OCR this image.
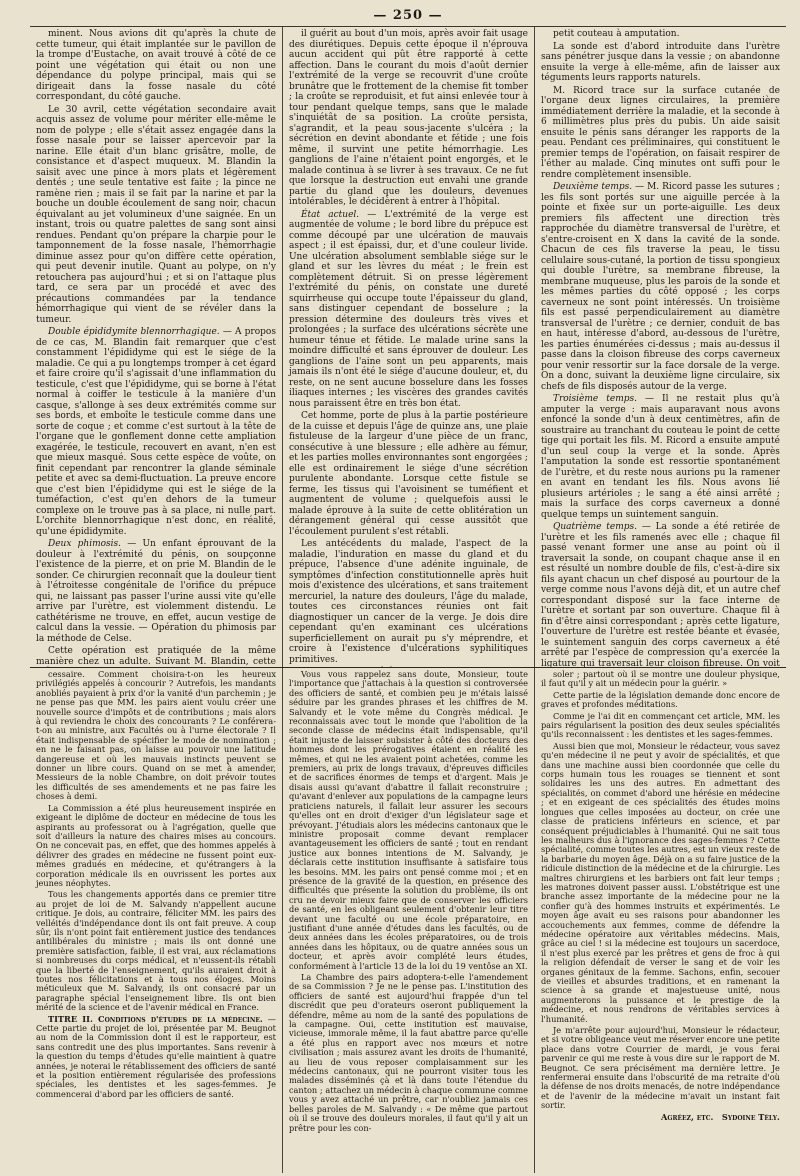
— 250 —

minent. Nous avions dit qu'après la chute de cette tumeur, qui était implantée sur le pavillon de la trompe d'Eustache, on avait trouvé à côté de ce point une végétation qui était ou non une dépendance du polype principal, mais qui se dirigeait dans la fosse nasale du côté correspondant, du côté gauche.

Le 30 avril, cette végétation secondaire avait acquis assez de volume pour mériter elle-même le nom de polype ; elle s'était assez engagée dans la fosse nasale pour se laisser apercevoir par la narine. Elle était d'un blanc grisâtre, molle, de consistance et d'aspect muqueux. M. Blandin la saisit avec une pince à mors plats et légèrement dentés ; une seule tentative est faite ; la pince ne ramène rien ; mais il se fait par la narine et par la bouche un double écoulement de sang noir, chacun équivalant au jet volumineux d'une saignée. En un instant, trois ou quatre palettes de sang sont ainsi rendues. Pendant qu'on prépare la charpie pour le tamponnement de la fosse nasale, l'hémorrhagie diminue assez pour qu'on diffère cette opération, qui peut devenir inutile. Quant au polype, on n'y retouchera pas aujourd'hui ; et si on l'attaque plus tard, ce sera par un procédé et avec des précautions commandées par la tendance hémorrhagique qui vient de se révéler dans la tumeur.

Double épididymite blennorrhagique. — A propos de ce cas, M. Blandin fait remarquer que c'est constamment l'épididyme qui est le siége de la maladie. Ce qui a pu longtemps tromper à cet égard et faire croire qu'il s'agissait d'une inflammation du testicule, c'est que l'épididyme, qui se borne à l'état normal à coiffer le testicule à la manière d'un casque, s'allonge à ses deux extrémités comme sur ses bords, et emboîte le testicule comme dans une sorte de coque ; et comme c'est surtout à la tête de l'organe que le gonflement donne cette ampliation exagérée, le testicule, recouvert en avant, n'en est que mieux masqué. Sous cette espèce de voûte, on finit cependant par rencontrer la glande séminale petite et avec sa demi-fluctuation. La preuve encore que c'est bien l'épididyme qui est le siége de la tuméfaction, c'est qu'en dehors de la tumeur complexe on le trouve pas à sa place, ni nulle part. L'orchite blennorrhagique n'est donc, en réalité, qu'une épididymite.

Deux phimosis. — Un enfant éprouvant de la douleur à l'extrémité du pénis, on soupçonne l'existence de la pierre, et on prie M. Blandin de le sonder. Ce chirurgien reconnaît que la douleur tient à l'étroitesse congénitale de l'orifice du prépuce qui, ne laissant pas passer l'urine aussi vite qu'elle arrive par l'urètre, est violemment distendu. Le cathétérisme ne trouve, en effet, aucun vestige de calcul dans la vessie. — Opération du phimosis par la méthode de Celse.

Cette opération est pratiquée de la même manière chez un adulte. Suivant M. Blandin, cette

il guérit au bout d'un mois, après avoir fait usage des diurétiques. Depuis cette époque il n'éprouva aucun accident qui pût être rapporté à cette affection. Dans le courant du mois d'août dernier l'extrémité de la verge se recouvrit d'une croûte brunâtre que le frottement de la chemise fit tomber ; la croûte se reproduisit, et fut ainsi enlevée tour à tour pendant quelque temps, sans que le malade s'inquiétât de sa position. La croûte persista, s'agrandit, et la peau sous-jacente s'ulcéra ; la sécrétion en devint abondante et fétide ; une fois même, il survint une petite hémorrhagie. Les ganglions de l'aine n'étaient point engorgés, et le malade continua à se livrer à ses travaux. Ce ne fut que lorsque la destruction eut envahi une grande partie du gland que les douleurs, devenues intolérables, le décidèrent à entrer à l'hôpital.

État actuel. — L'extrémité de la verge est augmentée de volume ; le bord libre du prépuce est comme découpé par une ulcération de mauvais aspect ; il est épaissi, dur, et d'une couleur livide. Une ulcération absolument semblable siége sur le gland et sur les lèvres du méat ; le frein est complètement détruit. Si on presse légèrement l'extrémité du pénis, on constate une dureté squirrheuse qui occupe toute l'épaisseur du gland, sans distinguer cependant de bosselure ; la pression détermine des douleurs très vives et prolongées ; la surface des ulcérations sécrète une humeur ténue et fétide. Le malade urine sans la moindre difficulté et sans éprouver de douleur. Les ganglions de l'aine sont un peu apparents, mais jamais ils n'ont été le siége d'aucune douleur, et, du reste, on ne sent aucune bosselure dans les fosses iliaques internes ; les viscères des grandes cavités nous paraissent être en très bon état.

Cet homme, porte de plus à la partie postérieure de la cuisse et depuis l'âge de quinze ans, une plaie fistuleuse de la largeur d'une pièce de un franc, consécutive à une blessure ; elle adhère au fémur, et les parties molles environnantes sont engorgées ; elle est ordinairement le siége d'une sécrétion purulente abondante. Lorsque cette fistule se ferme, les tissus qui l'avoisinent se tuméfient et augmentent de volume ; quelquefois aussi le malade éprouve à la suite de cette oblitération un dérangement général qui cesse aussitôt que l'écoulement purulent s'est rétabli.

Les antécédents du malade, l'aspect de la maladie, l'induration en masse du gland et du prépuce, l'absence d'une adénite inguinale, de symptômes d'infection constitutionnelle après huit mois d'existence des ulcérations, et sans traitement mercuriel, la nature des douleurs, l'âge du malade, toutes ces circonstances réunies ont fait diagnostiquer un cancer de la verge. Je dois dire cependant qu'en examinant ces ulcérations superficiellement on aurait pu s'y méprendre, et croire à l'existence d'ulcérations syphilitiques primitives.

petit couteau à amputation.

La sonde est d'abord introduite dans l'urètre sans pénétrer jusque dans la vessie ; on abandonne ensuite la verge à elle-même, afin de laisser aux téguments leurs rapports naturels.

M. Ricord trace sur la surface cutanée de l'organe deux lignes circulaires, la première immédiatement derrière la maladie, et la seconde à 6 millimètres plus près du pubis. Un aide saisit ensuite le pénis sans déranger les rapports de la peau. Pendant ces préliminaires, qui constituent le premier temps de l'opération, on faisait respirer de l'éther au malade. Cinq minutes ont suffi pour le rendre complètement insensible.

Deuxième temps. — M. Ricord passe les sutures ; les fils sont portés sur une aiguille percée à la pointe et fixée sur un porte-aiguille. Les deux premiers fils affectent une direction très rapprochée du diamètre transversal de l'urètre, et s'entre-croisent en X dans la cavité de la sonde. Chacun de ces fils traverse la peau, le tissu cellulaire sous-cutané, la portion de tissu spongieux qui double l'urètre, sa membrane fibreuse, la membrane muqueuse, plus les parois de la sonde et les mêmes parties du côté opposé ; les corps caverneux ne sont point intéressés. Un troisième fils est passé perpendiculairement au diamètre transversal de l'urètre ; ce dernier, conduit de bas en haut, intéresse d'abord, au-dessous de l'urètre, les parties énumérées ci-dessus ; mais au-dessus il passe dans la cloison fibreuse des corps caverneux pour venir ressortir sur la face dorsale de la verge. On a donc, suivant la deuxième ligne circulaire, six chefs de fils disposés autour de la verge.

Troisième temps. — Il ne restait plus qu'à amputer la verge : mais auparavant nous avons enfoncé la sonde d'un à deux centimètres, afin de soustraire au tranchant du couteau le point de cette tige qui portait les fils. M. Ricord a ensuite amputé d'un seul coup la verge et la sonde. Après l'amputation la sonde est ressortie spontanément de l'urètre, et du reste nous aurions pu la ramener en avant en tendant les fils. Nous avons lié plusieurs artérioles ; le sang a été ainsi arrêté ; mais la surface des corps caverneux a donné quelque temps un suintement sanguin.

Quatrième temps. — La sonde a été retirée de l'urètre et les fils ramenés avec elle ; chaque fil passé venant former une anse au point où il traversait la sonde, on coupant chaque anse il en est résulté un nombre double de fils, c'est-à-dire six fils ayant chacun un chef disposé au pourtour de la verge comme nous l'avons déjà dit, et un autre chef correspondant disposé sur la face interne de l'urètre et sortant par son ouverture. Chaque fil à fin d'être ainsi correspondant ; après cette ligature, l'ouverture de l'urètre est restée béante et évasée, le suintement sanguin des corps caverneux a été arrêté par l'espèce de compression qu'a exercée la ligature qui traversait leur cloison fibreuse. On voit

cessaire. Comment choisira-t-on les heureux privilégiés appelés à concourir ? Autrefois, les mandants anobliés payaient à prix d'or la vanité d'un parchemin ; je ne pense pas que MM. les pairs aient voulu créer une nouvelle source d'impôts et de contributions ; mais alors à qui reviendra le choix des concourants ? Le conférera-t-on au ministre, aux Facultés ou à l'urne électorale ? Il était indispensable de spécifier le mode de nomination ; en ne le faisant pas, on laisse au pouvoir une latitude dangereuse et où les mauvais instincts peuvent se donner un libre cours. Quand on se met à amender, Messieurs de la noble Chambre, on doit prévoir toutes les difficultés de ses amendements et ne pas faire les choses à demi.

La Commission a été plus heureusement inspirée en exigeant le diplôme de docteur en médecine de tous les aspirants au professorat ou à l'agrégation, quelle que soit d'ailleurs la nature des chaires mises au concours. On ne concevait pas, en effet, que des hommes appelés à délivrer des grades en médecine ne fussent point eux-mêmes gradués en médecine, et qu'étrangers à la corporation médicale ils en ouvrissent les portes aux jeunes néophytes.

Tous les changements apportés dans ce premier titre au projet de loi de M. Salvandy n'appellent aucune critique. Je dois, au contraire, féliciter MM. les pairs des velléités d'indépendance dont ils ont fait preuve. A coup sûr, ils n'ont point fait entièrement justice des tendances antilibérales du ministre ; mais ils ont donné une première satisfaction, faible, il est vrai, aux réclamations si nombreuses du corps médical, et n'eussent-ils rétabli que la liberté de l'enseignement, qu'ils auraient droit à toutes nos félicitations et à tous nos éloges. Moins méticuleux que M. Salvandy, ils ont consacré par un paragraphe spécial l'enseignement libre. Ils ont bien mérité de la science et de l'avenir médical en France.

TITRE II. Conditions d'études de la médecine. — Cette partie du projet de loi, présentée par M. Beugnot au nom de la Commission dont il est le rapporteur, est sans contredit une des plus importantes. Sans revenir à la question du temps d'études qu'elle maintient à quatre années, je noterai le rétablissement des officiers de santé et la position entièrement régularisée des professions spéciales, les dentistes et les sages-femmes. Je commencerai d'abord par les officiers de santé.

Vous vous rappelez sans doute, Monsieur, toute l'importance que j'attachais à la question si controversée des officiers de santé, et combien peu je m'étais laissé séduire par les grandes phrases et les chiffres de M. Salvandy et le vote même du Congrès médical. Je reconnaissais avec tout le monde que l'abolition de la seconde classe de médecins était indispensable, qu'il était injuste de laisser subsister à côté des docteurs des hommes dont les prérogatives étaient en réalité les mêmes, et qui ne les avaient point achetées, comme les premiers, au prix de longs travaux, d'épreuves difficiles et de sacrifices énormes de temps et d'argent. Mais je disais aussi qu'avant d'abattre il fallait reconstruire ; qu'avant d'enlever aux populations de la campagne leurs praticiens naturels, il fallait leur assurer les secours qu'elles ont en droit d'exiger d'un législateur sage et prévoyant. J'étudiais alors les médecins cantonaux que le ministre proposait comme devant remplacer avantageusement les officiers de santé ; tout en rendant justice aux bonnes intentions de M. Salvandy, je déclarais cette institution insuffisante à satisfaire tous les besoins. MM. les pairs ont pensé comme moi ; et en présence de la gravité de la question, en présence des difficultés que présente la solution du problème, ils ont cru ne devoir mieux faire que de conserver les officiers de santé, en les obligeant seulement d'obtenir leur titre devant une faculté ou une école préparatoire, en justifiant d'une année d'études dans les facultés, ou de deux années dans les écoles préparatoires, ou de trois années dans les hôpitaux, ou de quatre années sous un docteur, et après avoir complété leurs études, conformément à l'article 13 de la loi du 19 ventôse an XI.

La Chambre des pairs adoptera-t-elle l'amendement de sa Commission ? Je ne le pense pas. L'institution des officiers de santé est aujourd'hui frappée d'un tel discrédit que peu d'orateurs oseront publiquement la défendre, même au nom de la santé des populations de la campagne. Oui, cette institution est mauvaise, vicieuse, immorale même, il la faut abattre parce qu'elle a été plus en rapport avec nos mœurs et notre civilisation ; mais assurez avant les droits de l'humanité, au lieu de vous reposer complaisamment sur les médecins cantonaux, qui ne pourront visiter tous les malades disséminés çà et là dans toute l'étendue du canton ; attachez un médecin à chaque commune comme vous y avez attaché un prêtre, car n'oubliez jamais ces belles paroles de M. Salvandy : « De même que partout où il se trouve des douleurs morales, il faut qu'il y ait un prêtre pour les con-

soler ; partout où il se montre une douleur physique, il faut qu'il y ait un médecin pour la guérir. »

Cette partie de la législation demande donc encore de graves et profondes méditations.

Comme je l'ai dit en commençant cet article, MM. les pairs régularisent la position des deux seules spécialités qu'ils reconnaissent : les dentistes et les sages-femmes.

Aussi bien que moi, Monsieur le rédacteur, vous savez qu'en médecine il ne peut y avoir de spécialités, et que dans une machine aussi bien coordonnée que celle du corps humain tous les rouages se tiennent et sont solidaires les uns des autres. En admettant des spécialités, on commet d'abord une hérésie en médecine ; et en exigeant de ces spécialités des études moins longues que celles imposées au docteur, on crée une classe de praticiens inférieurs en science, et par conséquent préjudiciables à l'humanité. Qui ne sait tous les malheurs dus à l'ignorance des sages-femmes ? Cette spécialité, comme toutes les autres, est un vieux reste de la barbarie du moyen âge. Déjà on a su faire justice de la ridicule distinction de la médecine et de la chirurgie. Les maîtres chirurgiens et les barbiers ont fait leur temps ; les matrones doivent passer aussi. L'obstétrique est une branche assez importante de la médecine pour ne la confier qu'à des hommes instruits et expérimentés. Le moyen âge avait eu ses raisons pour abandonner les accouchements aux femmes, comme de défendre la médecine opératoire aux véritables médecins. Mais, grâce au ciel ! si la médecine est toujours un sacerdoce, il n'est plus exercé par les prêtres et gens de froc à qui la religion défendait de verser le sang et de voir les organes génitaux de la femme. Sachons, enfin, secouer de vieilles et absurdes traditions, et en ramenant la science à sa grande et majestueuse unité, nous augmenterons la puissance et le prestige de la médecine, et nous rendrons de véritables services à l'humanité.

Je m'arrête pour aujourd'hui, Monsieur le rédacteur, et si votre obligeance veut me réserver encore une petite place dans votre Courrier de mardi, je vous ferai parvenir ce qui me reste à vous dire sur le rapport de M. Beugnot. Ce sera précisément ma dernière lettre. Je renfermerai ensuite dans l'obscurité de ma retraite d'où la défense de nos droits menacés, de notre indépendance et de l'avenir de la médecine m'avait un instant fait sortir.

Agréez, etc. Sydoine Tély.
